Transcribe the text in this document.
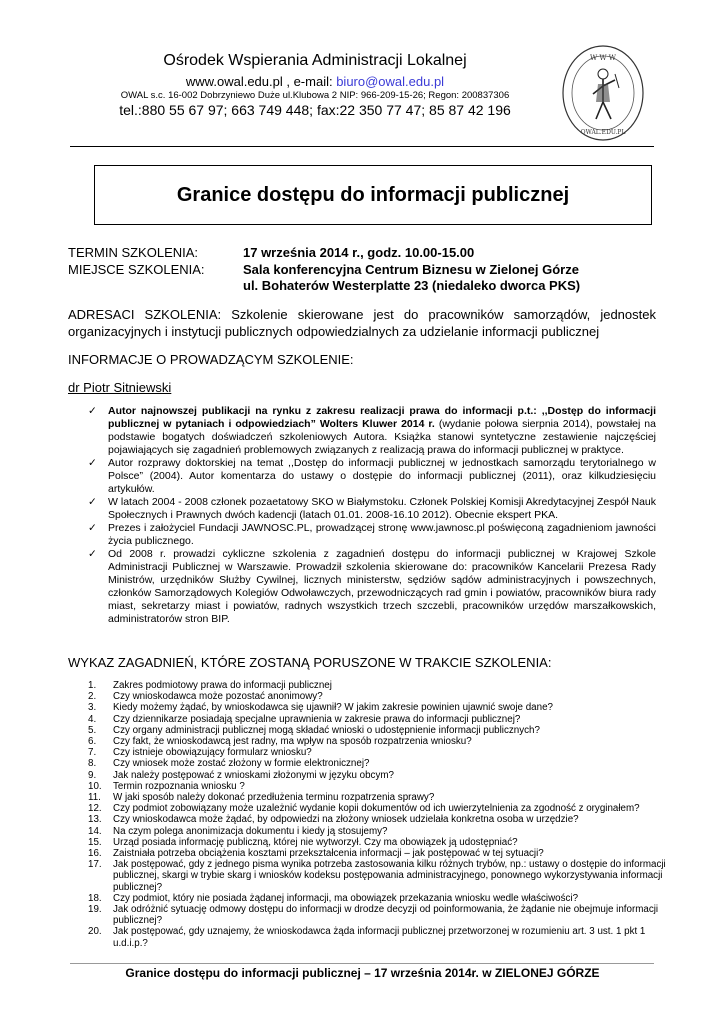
Ośrodek Wspierania Administracji Lokalnej
www.owal.edu.pl , e-mail: biuro@owal.edu.pl
OWAL s.c. 16-002 Dobrzyniewo Duże ul.Klubowa 2 NIP: 966-209-15-26; Regon: 200837306
tel.:880 55 67 97; 663 749 448; fax:22 350 77 47; 85 87 42 196
W W W
OWAL.EDU.PL
Granice dostępu do informacji publicznej
TERMIN SZKOLENIA:	17 września 2014 r., godz. 10.00-15.00
MIEJSCE SZKOLENIA:	Sala konferencyjna Centrum Biznesu w Zielonej Górze
ul. Bohaterów Westerplatte 23 (niedaleko dworca PKS)
ADRESACI SZKOLENIA: Szkolenie skierowane jest do pracowników samorządów, jednostek organizacyjnych i instytucji publicznych odpowiedzialnych za udzielanie informacji publicznej
INFORMACJE O PROWADZĄCYM SZKOLENIE:
dr Piotr Sitniewski
✓ Autor najnowszej publikacji na rynku z zakresu realizacji prawa do informacji p.t.: ,,Dostęp do informacji publicznej w pytaniach i odpowiedziach” Wolters Kluwer 2014 r. (wydanie połowa sierpnia 2014), powstałej na podstawie bogatych doświadczeń szkoleniowych Autora. Książka stanowi syntetyczne zestawienie najczęściej pojawiających się zagadnień problemowych związanych z realizacją prawa do informacji publicznej w praktyce.
✓ Autor rozprawy doktorskiej na temat ,,Dostęp do informacji publicznej w jednostkach samorządu terytorialnego w Polsce” (2004). Autor komentarza do ustawy o dostępie do informacji publicznej (2011), oraz kilkudziesięciu artykułów.
✓ W latach 2004 - 2008 członek pozaetatowy SKO w Białymstoku. Członek Polskiej Komisji Akredytacyjnej Zespół Nauk Społecznych i Prawnych dwóch kadencji (latach 01.01. 2008-16.10 2012). Obecnie ekspert PKA.
✓ Prezes i założyciel Fundacji JAWNOSC.PL, prowadzącej stronę www.jawnosc.pl poświęconą zagadnieniom jawności życia publicznego.
✓ Od 2008 r. prowadzi cykliczne szkolenia z zagadnień dostępu do informacji publicznej w Krajowej Szkole Administracji Publicznej w Warszawie. Prowadził szkolenia skierowane do: pracowników Kancelarii Prezesa Rady Ministrów, urzędników Służby Cywilnej, licznych ministerstw, sędziów sądów administracyjnych i powszechnych, członków Samorządowych Kolegiów Odwoławczych, przewodniczących rad gmin i powiatów, pracowników biura rady miast, sekretarzy miast i powiatów, radnych wszystkich trzech szczebli, pracowników urzędów marszałkowskich, administratorów stron BIP.
WYKAZ ZAGADNIEŃ, KTÓRE ZOSTANĄ PORUSZONE W TRAKCIE SZKOLENIA:
1.	Zakres podmiotowy prawa do informacji publicznej
2.	Czy wnioskodawca może pozostać anonimowy?
3.	Kiedy możemy żądać, by wnioskodawca się ujawnił? W jakim zakresie powinien ujawnić swoje dane?
4.	Czy dziennikarze posiadają specjalne uprawnienia w zakresie prawa do informacji publicznej?
5.	Czy organy administracji publicznej mogą składać wnioski o udostępnienie informacji publicznych?
6.	Czy fakt, że wnioskodawcą jest radny, ma wpływ na sposób rozpatrzenia wniosku?
7.	Czy istnieje obowiązujący formularz wniosku?
8.	Czy wniosek może zostać złożony w formie elektronicznej?
9.	Jak należy postępować z wnioskami złożonymi w języku obcym?
10.	Termin rozpoznania wniosku ?
11.	W jaki sposób należy dokonać przedłużenia terminu rozpatrzenia sprawy?
12.	Czy podmiot zobowiązany może uzależnić wydanie kopii dokumentów od ich uwierzytelnienia za zgodność z oryginałem?
13.	Czy wnioskodawca może żądać, by odpowiedzi na złożony wniosek udzielała konkretna osoba w urzędzie?
14.	Na czym polega anonimizacja dokumentu i kiedy ją stosujemy?
15.	Urząd posiada informację publiczną, której nie wytworzył. Czy ma obowiązek ją udostępniać?
16.	Zaistniała potrzeba obciążenia kosztami przekształcenia informacji – jak postępować w tej sytuacji?
17.	Jak postępować, gdy z jednego pisma wynika potrzeba zastosowania kilku różnych trybów, np.: ustawy o dostępie do informacji publicznej, skargi w trybie skarg i wniosków kodeksu postępowania administracyjnego, ponownego wykorzystywania informacji publicznej?
18.	Czy podmiot, który nie posiada żądanej informacji, ma obowiązek przekazania wniosku wedle właściwości?
19.	Jak odróżnić sytuację odmowy dostępu do informacji w drodze decyzji od poinformowania, że żądanie nie obejmuje informacji publicznej?
20.	Jak postępować, gdy uznajemy, że wnioskodawca żąda informacji publicznej przetworzonej w rozumieniu art. 3 ust. 1 pkt 1 u.d.i.p.?
Granice dostępu do informacji publicznej – 17 września 2014r. w ZIELONEJ GÓRZE
